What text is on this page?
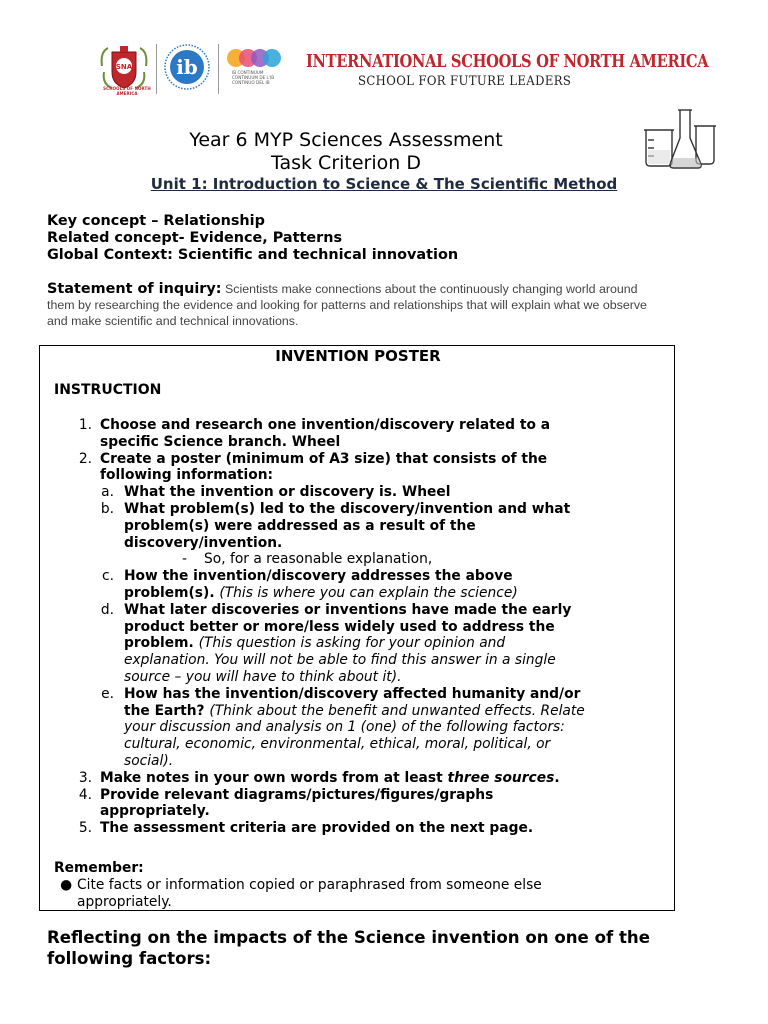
SNA
SCHOOLS OF NORTH AMERICA
ib	IB CONTINUUM
CONTINUUM DE L'IB
CONTINUO DEL IB
INTERNATIONAL SCHOOLS OF NORTH AMERICA
SCHOOL FOR FUTURE LEADERS
Year 6 MYP Sciences Assessment
Task Criterion D
Unit 1: Introduction to Science & The Scientific Method
Key concept – Relationship
Related concept- Evidence, Patterns
Global Context: Scientific and technical innovation
Statement of inquiry: Scientists make connections about the continuously changing world around
them by researching the evidence and looking for patterns and relationships that will explain what we observe
and make scientific and technical innovations.
INVENTION POSTER
INSTRUCTION
1. Choose and research one invention/discovery related to a
specific Science branch. Wheel
2. Create a poster (minimum of A3 size) that consists of the
following information:
a. What the invention or discovery is. Wheel
b. What problem(s) led to the discovery/invention and what
problem(s) were addressed as a result of the
discovery/invention.
- So, for a reasonable explanation,
c. How the invention/discovery addresses the above
problem(s). (This is where you can explain the science)
d. What later discoveries or inventions have made the early
product better or more/less widely used to address the
problem. (This question is asking for your opinion and
explanation. You will not be able to find this answer in a single
source – you will have to think about it).
e. How has the invention/discovery affected humanity and/or
the Earth? (Think about the benefit and unwanted effects. Relate
your discussion and analysis on 1 (one) of the following factors:
cultural, economic, environmental, ethical, moral, political, or
social).
3. Make notes in your own words from at least three sources.
4. Provide relevant diagrams/pictures/figures/graphs
appropriately.
5. The assessment criteria are provided on the next page.
Remember:
● Cite facts or information copied or paraphrased from someone else
appropriately.
Reflecting on the impacts of the Science invention on one of the
following factors:
